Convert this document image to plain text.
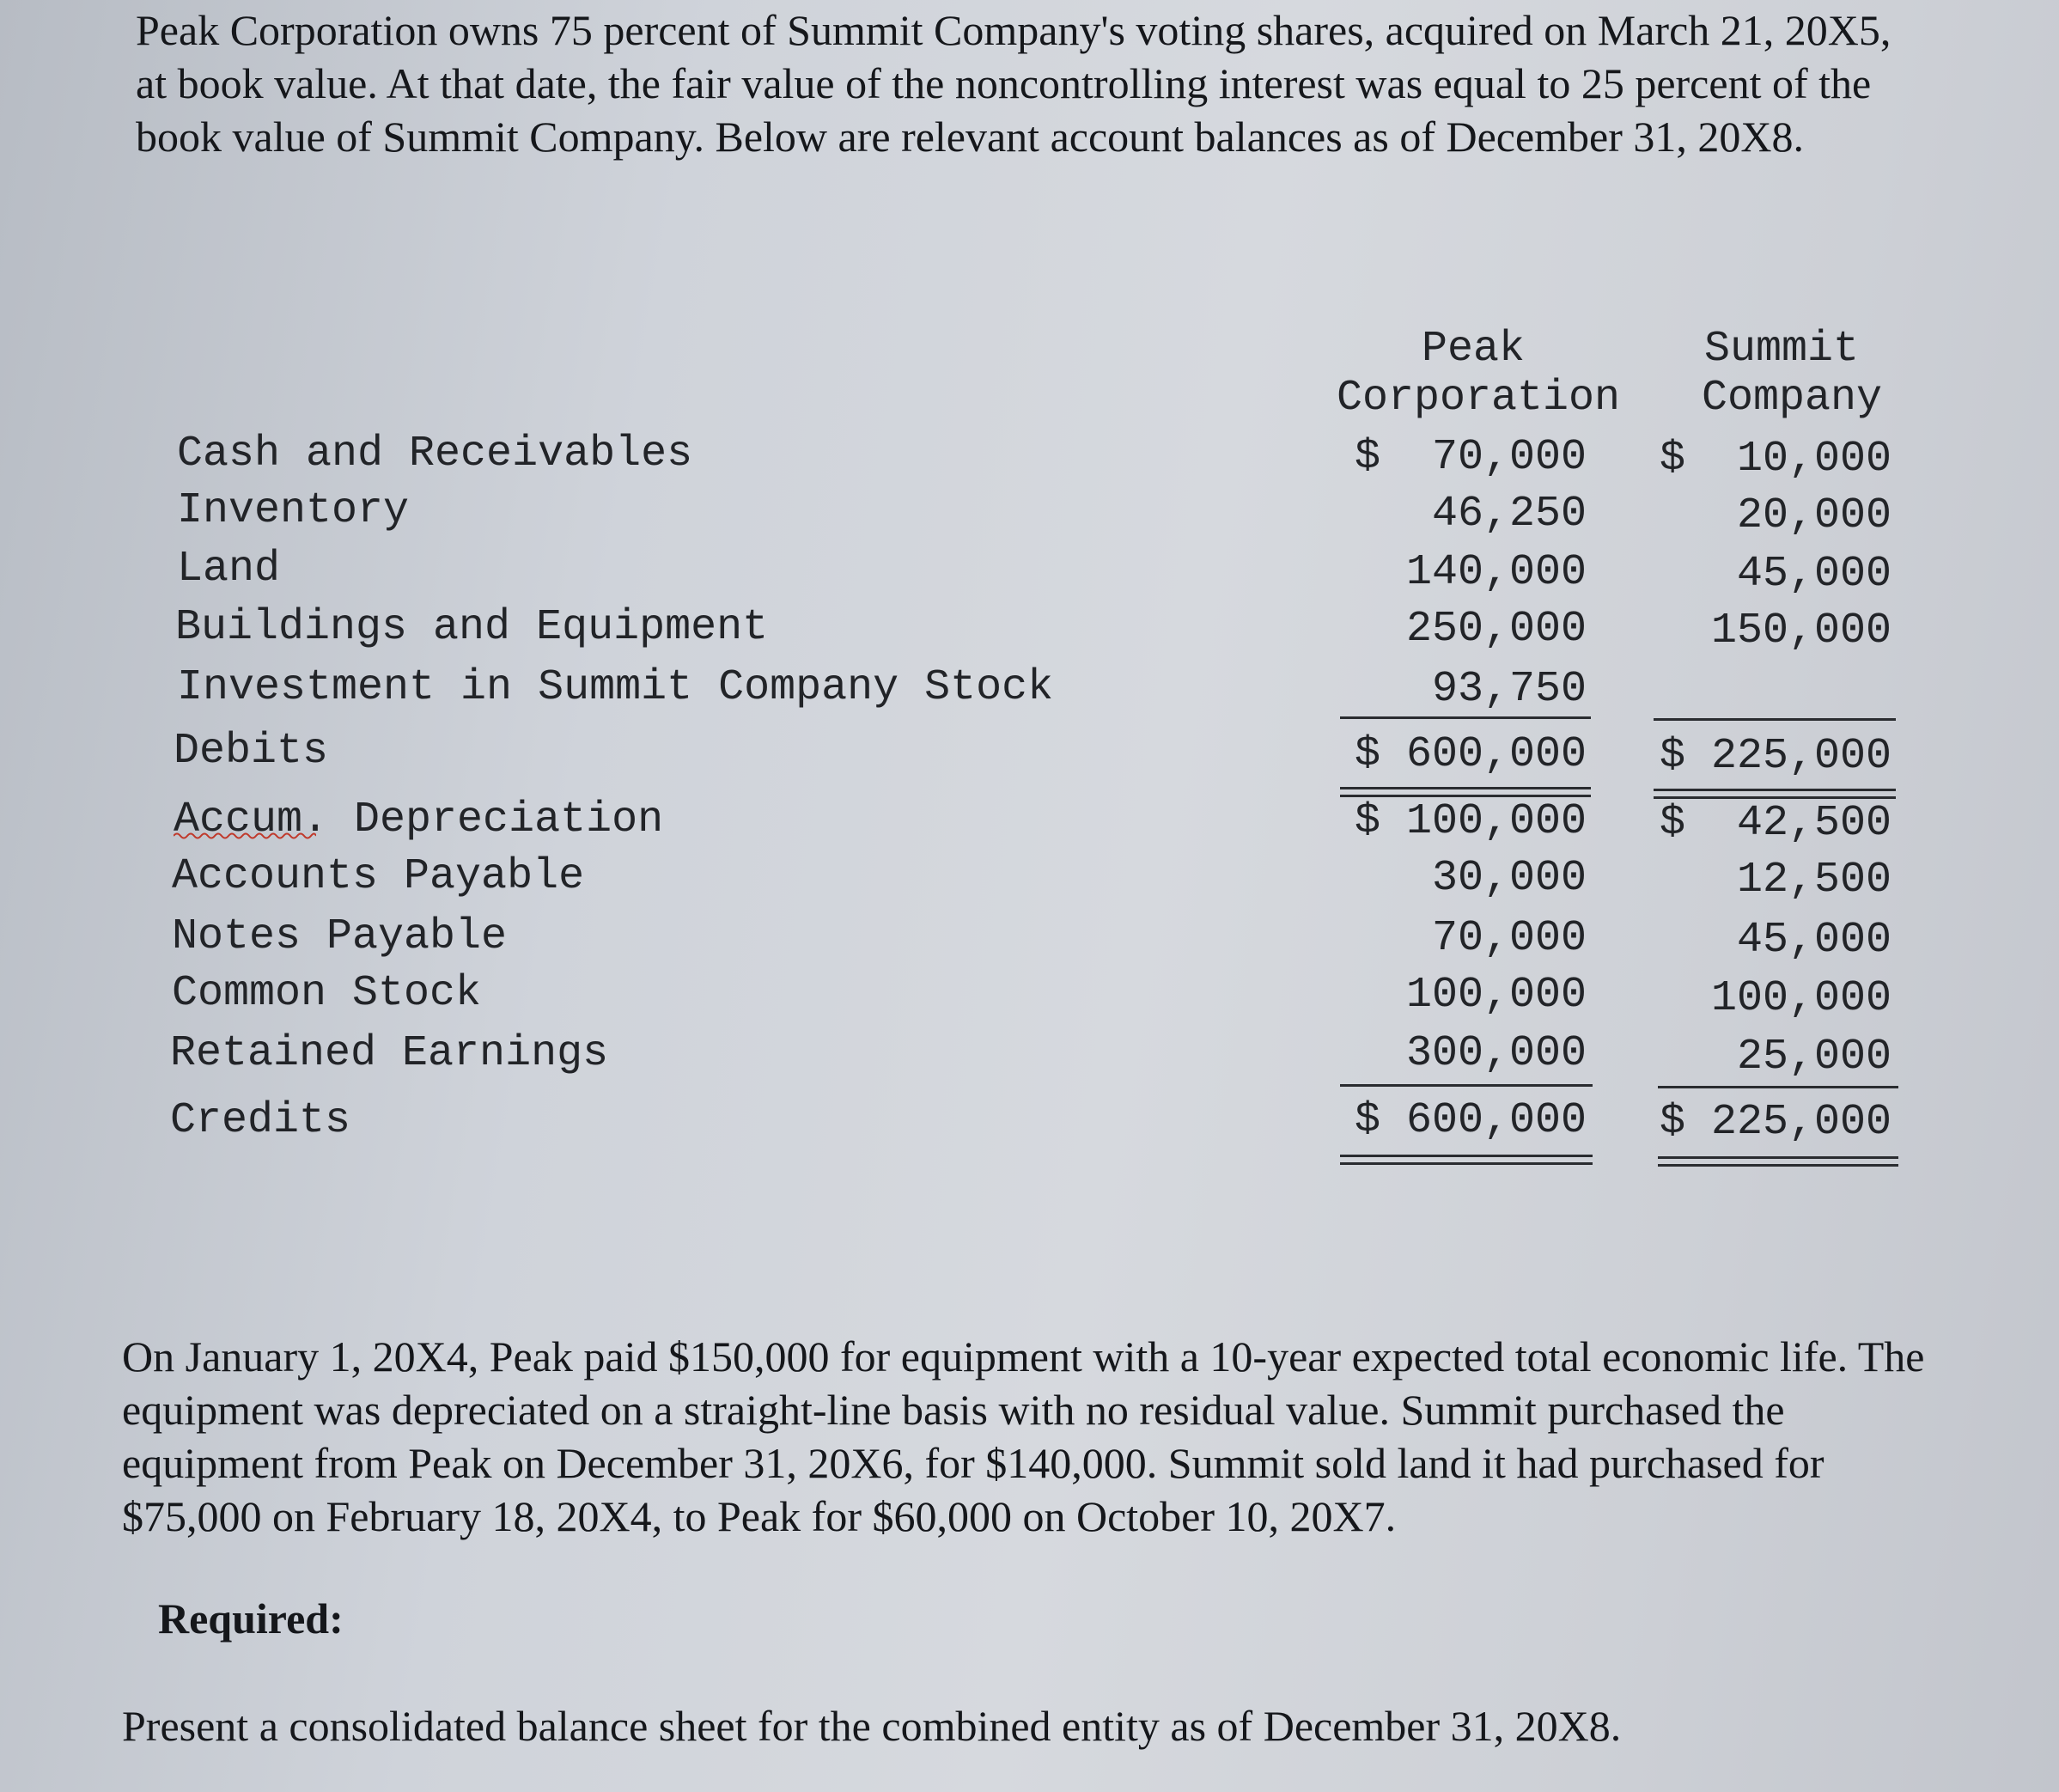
Peak Corporation owns 75 percent of Summit Company's voting shares, acquired on March 21, 20X5, at book value. At that date, the fair value of the noncontrolling interest was equal to 25 percent of the book value of Summit Company. Below are relevant account balances as of December 31, 20X8.

Peak
Corporation
Summit
Company
Cash and Receivables
Inventory
Land
Buildings and Equipment
Investment in Summit Company Stock
Debits
Accum. Depreciation
Accounts Payable
Notes Payable
Common Stock
Retained Earnings
Credits
$  70,000
46,250
140,000
250,000
93,750
$ 600,000
$ 100,000
30,000
70,000
100,000
300,000
$ 600,000
$  10,000
20,000
45,000
150,000
$ 225,000
$  42,500
12,500
45,000
100,000
25,000
$ 225,000

On January 1, 20X4, Peak paid $150,000 for equipment with a 10-year expected total economic life. The equipment was depreciated on a straight-line basis with no residual value. Summit purchased the equipment from Peak on December 31, 20X6, for $140,000. Summit sold land it had purchased for $75,000 on February 18, 20X4, to Peak for $60,000 on October 10, 20X7.

Required:
Present a consolidated balance sheet for the combined entity as of December 31, 20X8.
